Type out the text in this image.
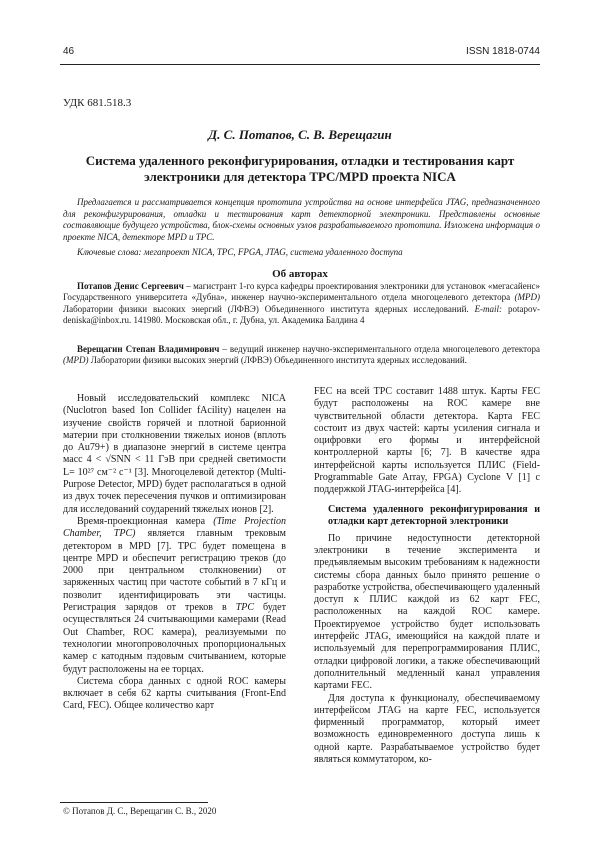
46	ISSN 1818-0744
УДК 681.518.3
Д. С. Потапов, С. В. Верещагин
Система удаленного реконфигурирования, отладки и тестирования карт электроники для детектора TPC/MPD проекта NICA
Предлагается и рассматривается концепция прототипа устройства на основе интерфейса JTAG, предназначенного для реконфигурирования, отладки и тестирования карт детекторной электроники. Представлены основные составляющие будущего устройства, блок-схемы основных узлов разрабатываемого прототипа. Изложена информация о проекте NICA, детекторе MPD и TPC.
Ключевые слова: мегапроект NICA, TPC, FPGA, JTAG, система удаленного доступа
Об авторах
Потапов Денис Сергеевич – магистрант 1-го курса кафедры проектирования электроники для установок «мегасайенс» Государственного университета «Дубна», инженер научно-экспериментального отдела многоцелевого детектора (MPD) Лаборатории физики высоких энергий (ЛФВЭ) Объединенного института ядерных исследований. E-mail: potapov-deniska@inbox.ru. 141980. Московская обл., г. Дубна, ул. Академика Балдина 4
Верещагин Степан Владимирович – ведущий инженер научно-экспериментального отдела многоцелевого детектора (MPD) Лаборатории физики высоких энергий (ЛФВЭ) Объединенного института ядерных исследований.

Новый исследовательский комплекс NICA (Nuclotron based Ion Collider fAcility) нацелен на изучение свойств горячей и плотной барионной материи при столкновении тяжелых ионов (вплоть до Au79+) в диапазоне энергий в системе центра масс 4 < √SNN < 11 ГэВ при средней светимости L= 10²⁷ см⁻² с⁻¹ [3]. Многоцелевой детектор (Multi-Purpose Detector, MPD) будет располагаться в одной из двух точек пересечения пучков и оптимизирован для исследований соударений тяжелых ионов [2].

Время-проекционная камера (Time Projection Chamber, TPC) является главным трековым детектором в MPD [7]. TPC будет помещена в центре MPD и обеспечит регистрацию треков (до 2000 при центральном столкновении) от заряженных частиц при частоте событий в 7 кГц и позволит идентифицировать эти частицы. Регистрация зарядов от треков в TPC будет осуществляться 24 считывающими камерами (Read Out Chamber, ROC камера), реализуемыми по технологии многопроволочных пропорциональных камер с катодным пэдовым считыванием, которые будут расположены на ее торцах.

Система сбора данных с одной ROC камеры включает в себя 62 карты считывания (Front-End Card, FEC). Общее количество карт

FEC на всей TPC составит 1488 штук. Карты FEC будут расположены на ROC камере вне чувствительной области детектора. Карта FEC состоит из двух частей: карты усиления сигнала и оцифровки его формы и интерфейсной контроллерной карты [6; 7]. В качестве ядра интерфейсной карты используется ПЛИС (Field-Programmable Gate Array, FPGA) Cyclone V [1] с поддержкой JTAG-интерфейса [4].

Система удаленного реконфигурирования и отладки карт детекторной электроники

По причине недоступности детекторной электроники в течение эксперимента и предъявляемым высоким требованиям к надежности системы сбора данных было принято решение о разработке устройства, обеспечивающего удаленный доступ к ПЛИС каждой из 62 карт FEC, расположенных на каждой ROC камере. Проектируемое устройство будет использовать интерфейс JTAG, имеющийся на каждой плате и используемый для перепрограммирования ПЛИС, отладки цифровой логики, а также обеспечивающий дополнительный медленный канал управления картами FEC.

Для доступа к функционалу, обеспечиваемому интерфейсом JTAG на карте FEC, используется фирменный программатор, который имеет возможность единовременного доступа лишь к одной карте. Разрабатываемое устройство будет являться коммутатором, ко-

© Потапов Д. С., Верещагин С. В., 2020
